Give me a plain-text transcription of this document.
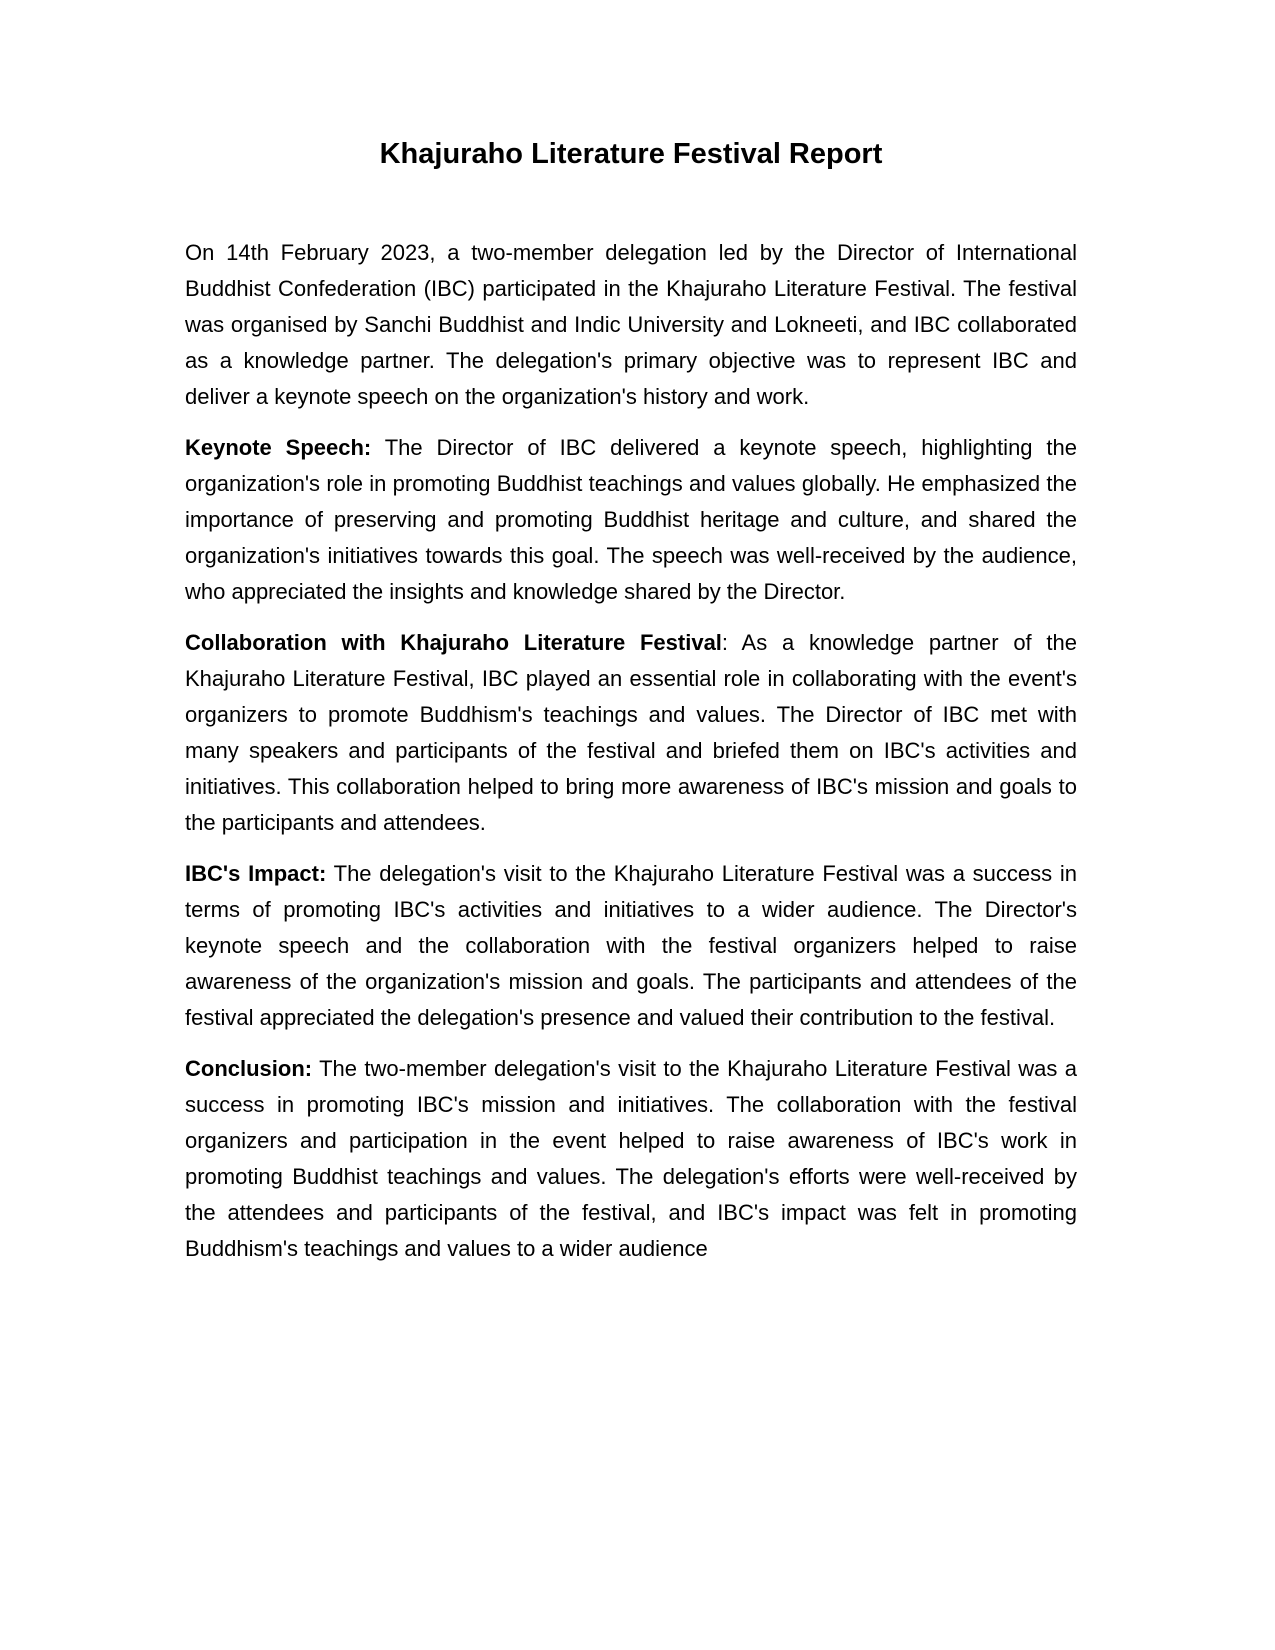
Khajuraho Literature Festival Report

On 14th February 2023, a two-member delegation led by the Director of International Buddhist Confederation (IBC) participated in the Khajuraho Literature Festival. The festival was organised by Sanchi Buddhist and Indic University and Lokneeti, and IBC collaborated as a knowledge partner. The delegation's primary objective was to represent IBC and deliver a keynote speech on the organization's history and work.

Keynote Speech: The Director of IBC delivered a keynote speech, highlighting the organization's role in promoting Buddhist teachings and values globally. He emphasized the importance of preserving and promoting Buddhist heritage and culture, and shared the organization's initiatives towards this goal. The speech was well-received by the audience, who appreciated the insights and knowledge shared by the Director.

Collaboration with Khajuraho Literature Festival: As a knowledge partner of the Khajuraho Literature Festival, IBC played an essential role in collaborating with the event's organizers to promote Buddhism's teachings and values. The Director of IBC met with many speakers and participants of the festival and briefed them on IBC's activities and initiatives. This collaboration helped to bring more awareness of IBC's mission and goals to the participants and attendees.

IBC's Impact: The delegation's visit to the Khajuraho Literature Festival was a success in terms of promoting IBC's activities and initiatives to a wider audience. The Director's keynote speech and the collaboration with the festival organizers helped to raise awareness of the organization's mission and goals. The participants and attendees of the festival appreciated the delegation's presence and valued their contribution to the festival.

Conclusion: The two-member delegation's visit to the Khajuraho Literature Festival was a success in promoting IBC's mission and initiatives. The collaboration with the festival organizers and participation in the event helped to raise awareness of IBC's work in promoting Buddhist teachings and values. The delegation's efforts were well-received by the attendees and participants of the festival, and IBC's impact was felt in promoting Buddhism's teachings and values to a wider audience
